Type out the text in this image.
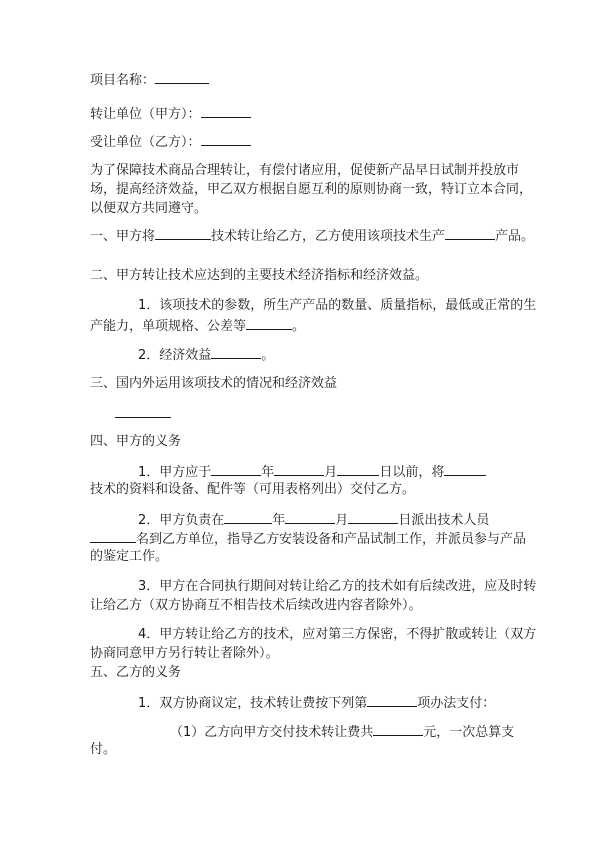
项目名称：
转让单位（甲方）：
受让单位（乙方）：
为了保障技术商品合理转让，有偿付诸应用，促使新产品早日试制并投放市
场，提高经济效益，甲乙双方根据自愿互利的原则协商一致，特订立本合同，
以便双方共同遵守。
一、甲方将	技术转让给乙方，乙方使用该项技术生产	产品。
二、甲方转让技术应达到的主要技术经济指标和经济效益。
1．该项技术的参数，所生产产品的数量、质量指标，最低或正常的生
产能力，单项规格、公差等	。
2．经济效益	。
三、国内外运用该项技术的情况和经济效益
四、甲方的义务
1．甲方应于	年	月	日以前，将
技术的资料和设备、配件等（可用表格列出）交付乙方。
2．甲方负责在	年	月	日派出技术人员
名到乙方单位，指导乙方安装设备和产品试制工作，并派员参与产品
的鉴定工作。
3．甲方在合同执行期间对转让给乙方的技术如有后续改进，应及时转
让给乙方（双方协商互不相告技术后续改进内容者除外）。
4．甲方转让给乙方的技术，应对第三方保密，不得扩散或转让（双方
协商同意甲方另行转让者除外）。
五、乙方的义务
1．双方协商议定，技术转让费按下列第	项办法支付：
（1）乙方向甲方交付技术转让费共	元，一次总算支
付。
